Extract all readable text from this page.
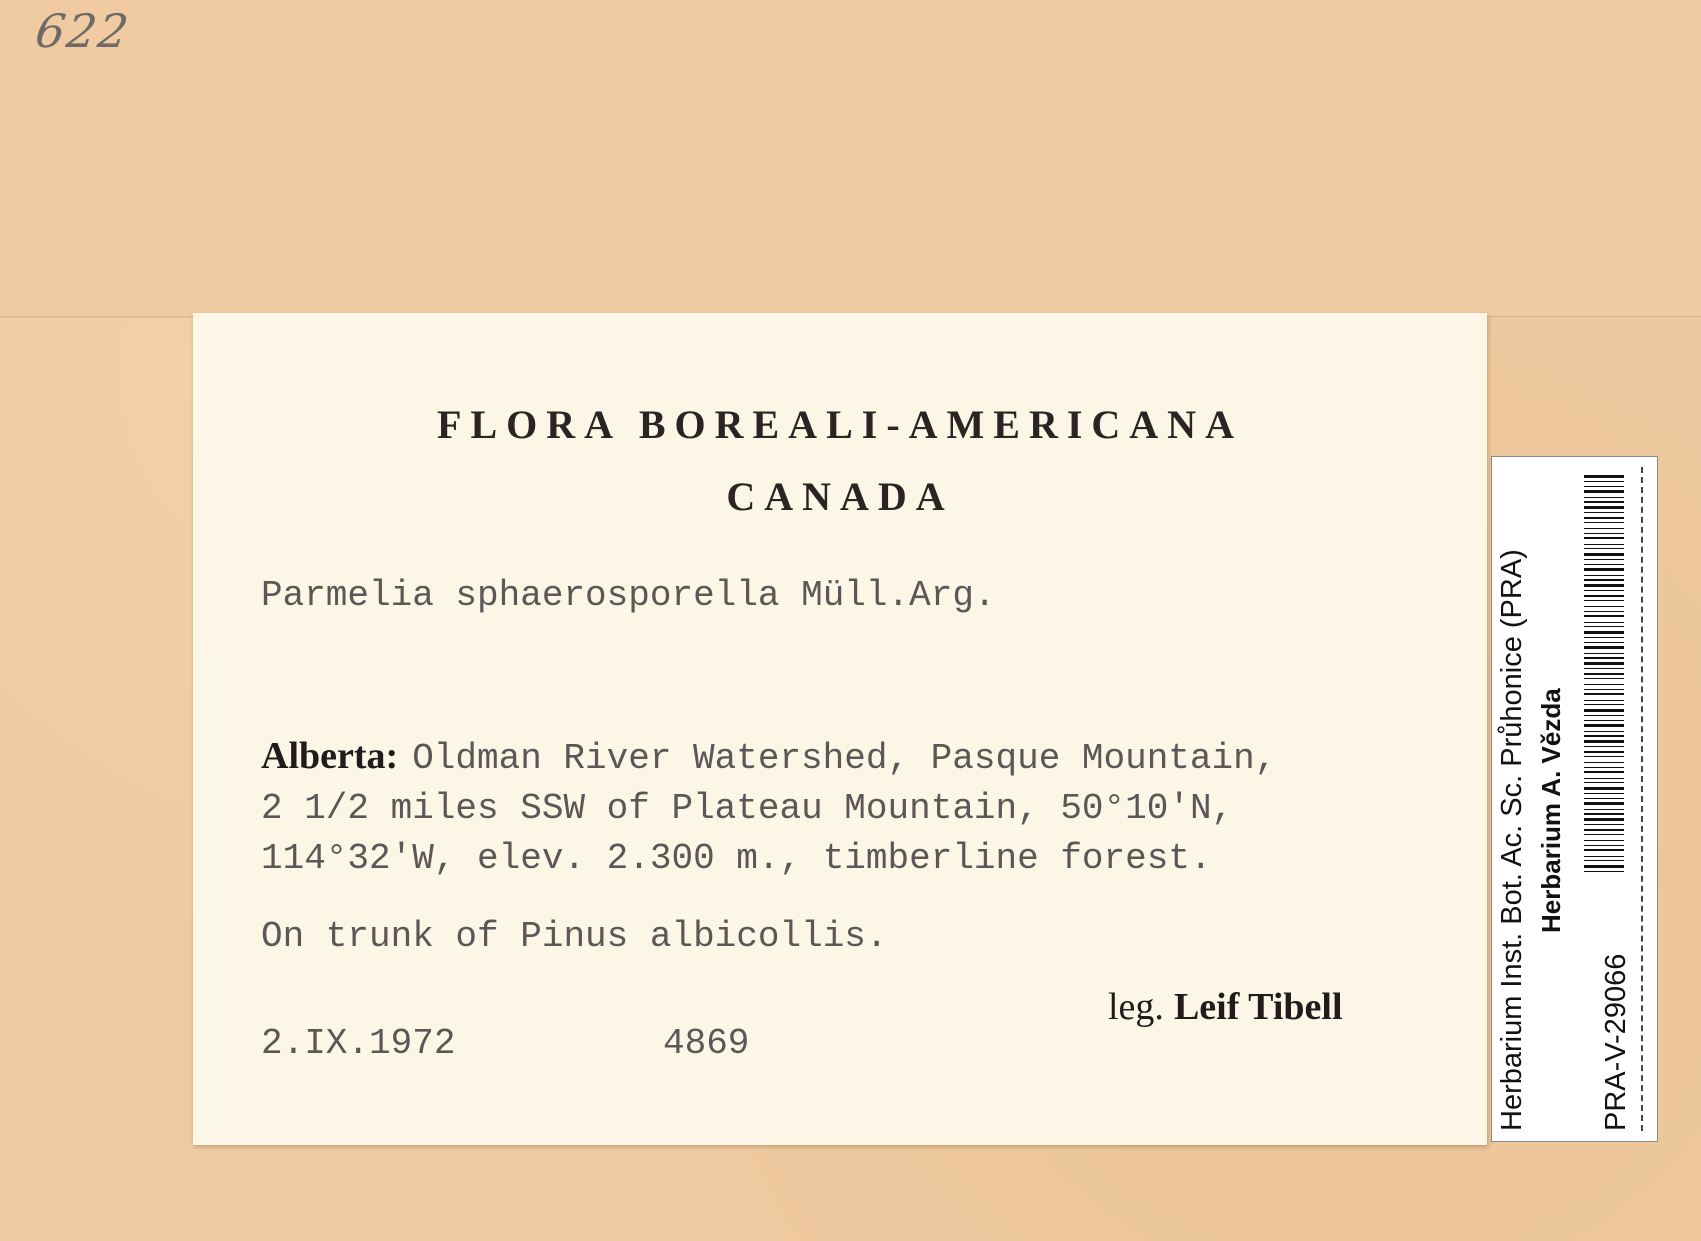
622
FLORA BOREALI-AMERICANA
CANADA
Parmelia sphaerosporella Müll.Arg.
Alberta: Oldman River Watershed, Pasque Mountain,
2 1/2 miles SSW of Plateau Mountain, 50°10'N,
114°32'W, elev. 2.300 m., timberline forest.
On trunk of Pinus albicollis.
leg. Leif Tibell
2.IX.1972	4869	Herbarium Inst. Bot. Ac. Sc. Průhonice (PRA) Herbarium A. Vězda
PRA-V-29066
